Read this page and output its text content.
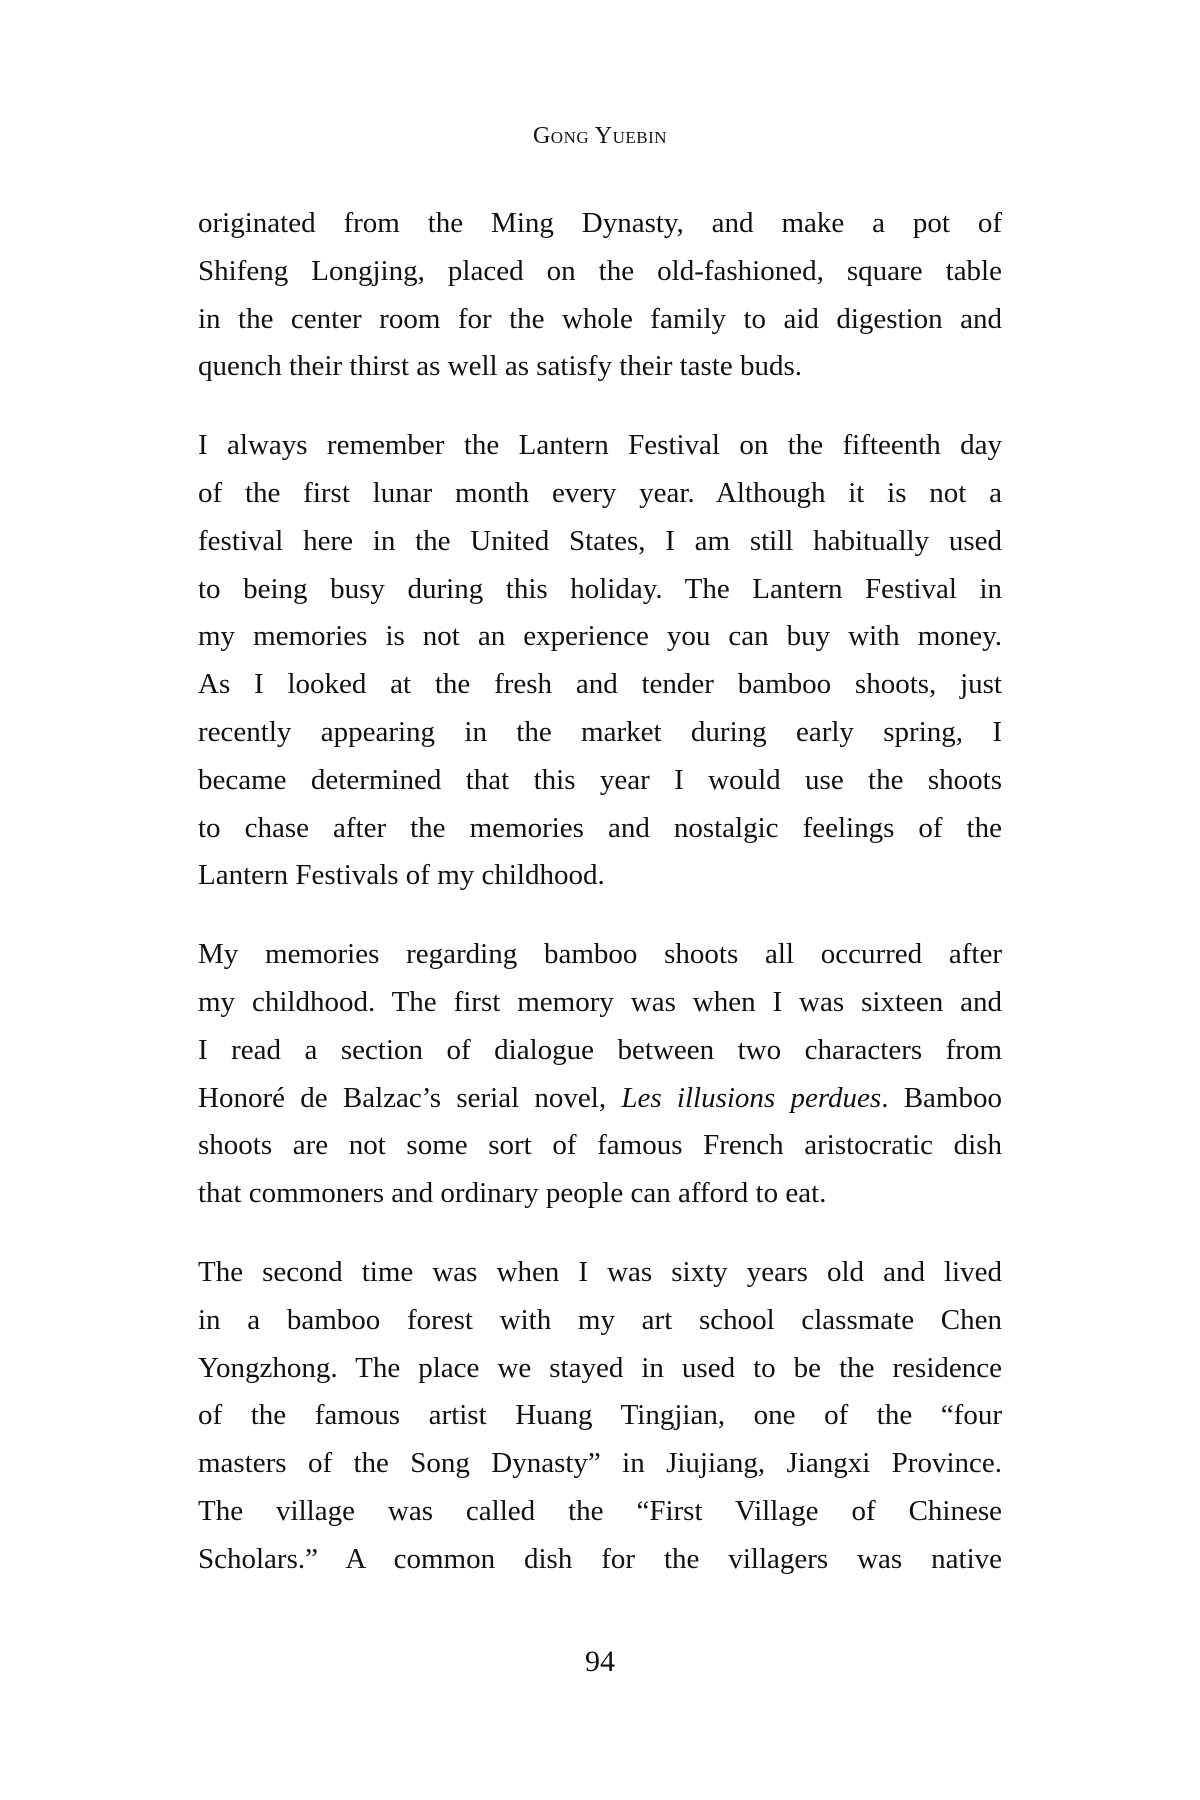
Gong Yuebin

originated from the Ming Dynasty, and make a pot of
Shifeng Longjing, placed on the old-fashioned, square table
in the center room for the whole family to aid digestion and
quench their thirst as well as satisfy their taste buds.

I always remember the Lantern Festival on the fifteenth day
of the first lunar month every year. Although it is not a
festival here in the United States, I am still habitually used
to being busy during this holiday. The Lantern Festival in
my memories is not an experience you can buy with money.
As I looked at the fresh and tender bamboo shoots, just
recently appearing in the market during early spring, I
became determined that this year I would use the shoots
to chase after the memories and nostalgic feelings of the
Lantern Festivals of my childhood.

My memories regarding bamboo shoots all occurred after
my childhood. The first memory was when I was sixteen and
I read a section of dialogue between two characters from
Honoré de Balzac’s serial novel, Les illusions perdues. Bamboo
shoots are not some sort of famous French aristocratic dish
that commoners and ordinary people can afford to eat.

The second time was when I was sixty years old and lived
in a bamboo forest with my art school classmate Chen
Yongzhong. The place we stayed in used to be the residence
of the famous artist Huang Tingjian, one of the “four
masters of the Song Dynasty” in Jiujiang, Jiangxi Province.
The village was called the “First Village of Chinese
Scholars.” A common dish for the villagers was native

94
